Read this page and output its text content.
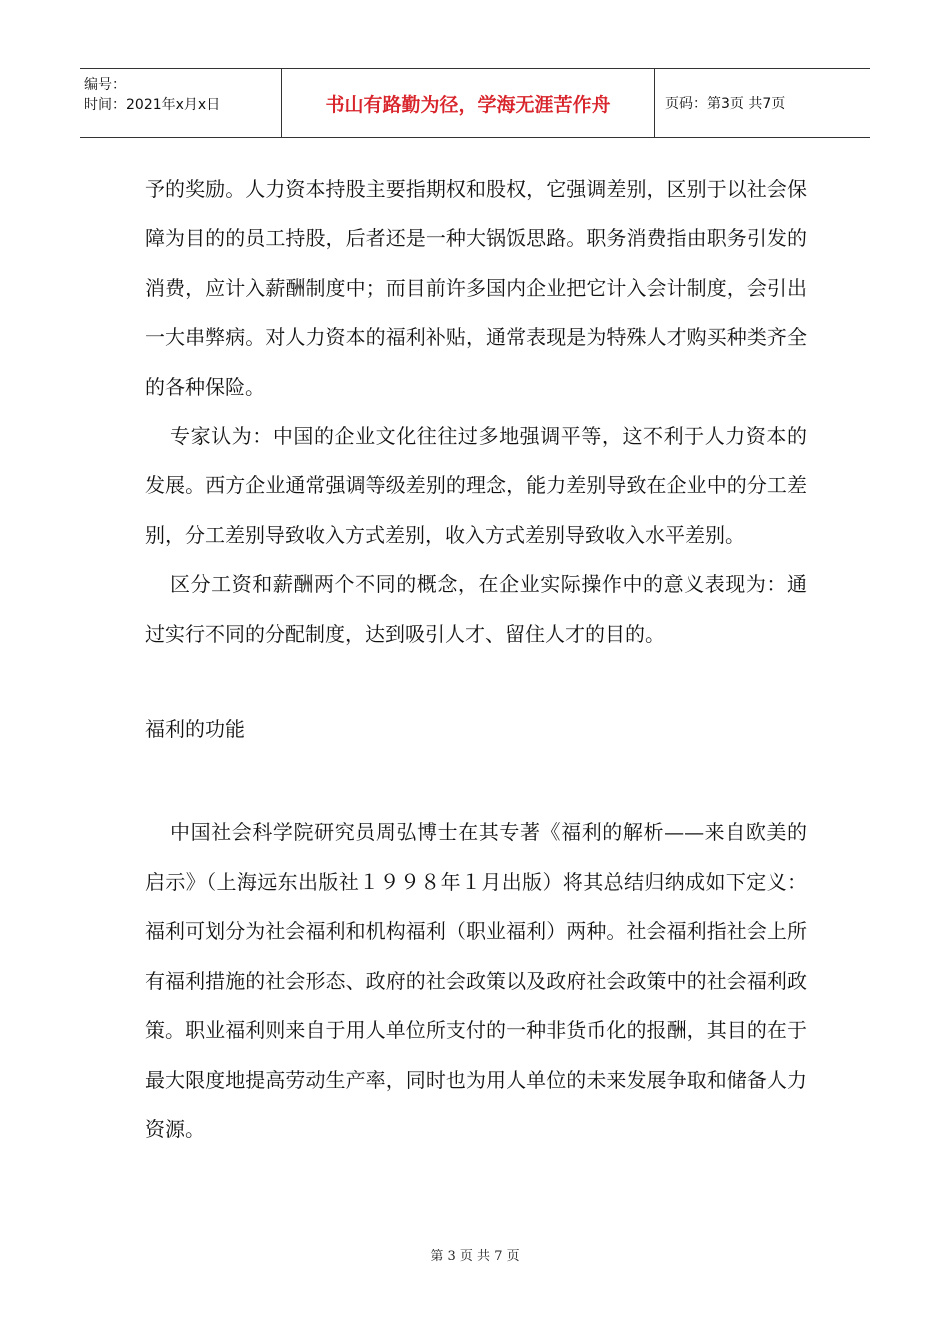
编号：
时间：2021年x月x日	书山有路勤为径，学海无涯苦作舟	页码：第3页 共7页

予的奖励。人力资本持股主要指期权和股权，它强调差别，区别于以社会保障为目的的员工持股，后者还是一种大锅饭思路。职务消费指由职务引发的消费，应计入薪酬制度中；而目前许多国内企业把它计入会计制度，会引出一大串弊病。对人力资本的福利补贴，通常表现是为特殊人才购买种类齐全的各种保险。

专家认为：中国的企业文化往往过多地强调平等，这不利于人力资本的发展。西方企业通常强调等级差别的理念，能力差别导致在企业中的分工差别，分工差别导致收入方式差别，收入方式差别导致收入水平差别。

区分工资和薪酬两个不同的概念，在企业实际操作中的意义表现为：通过实行不同的分配制度，达到吸引人才、留住人才的目的。

福利的功能

中国社会科学院研究员周弘博士在其专著《福利的解析——来自欧美的启示》（上海远东出版社１９９８年１月出版）将其总结归纳成如下定义：福利可划分为社会福利和机构福利（职业福利）两种。社会福利指社会上所有福利措施的社会形态、政府的社会政策以及政府社会政策中的社会福利政策。职业福利则来自于用人单位所支付的一种非货币化的报酬，其目的在于最大限度地提高劳动生产率，同时也为用人单位的未来发展争取和储备人力资源。

第 3 页 共 7 页
